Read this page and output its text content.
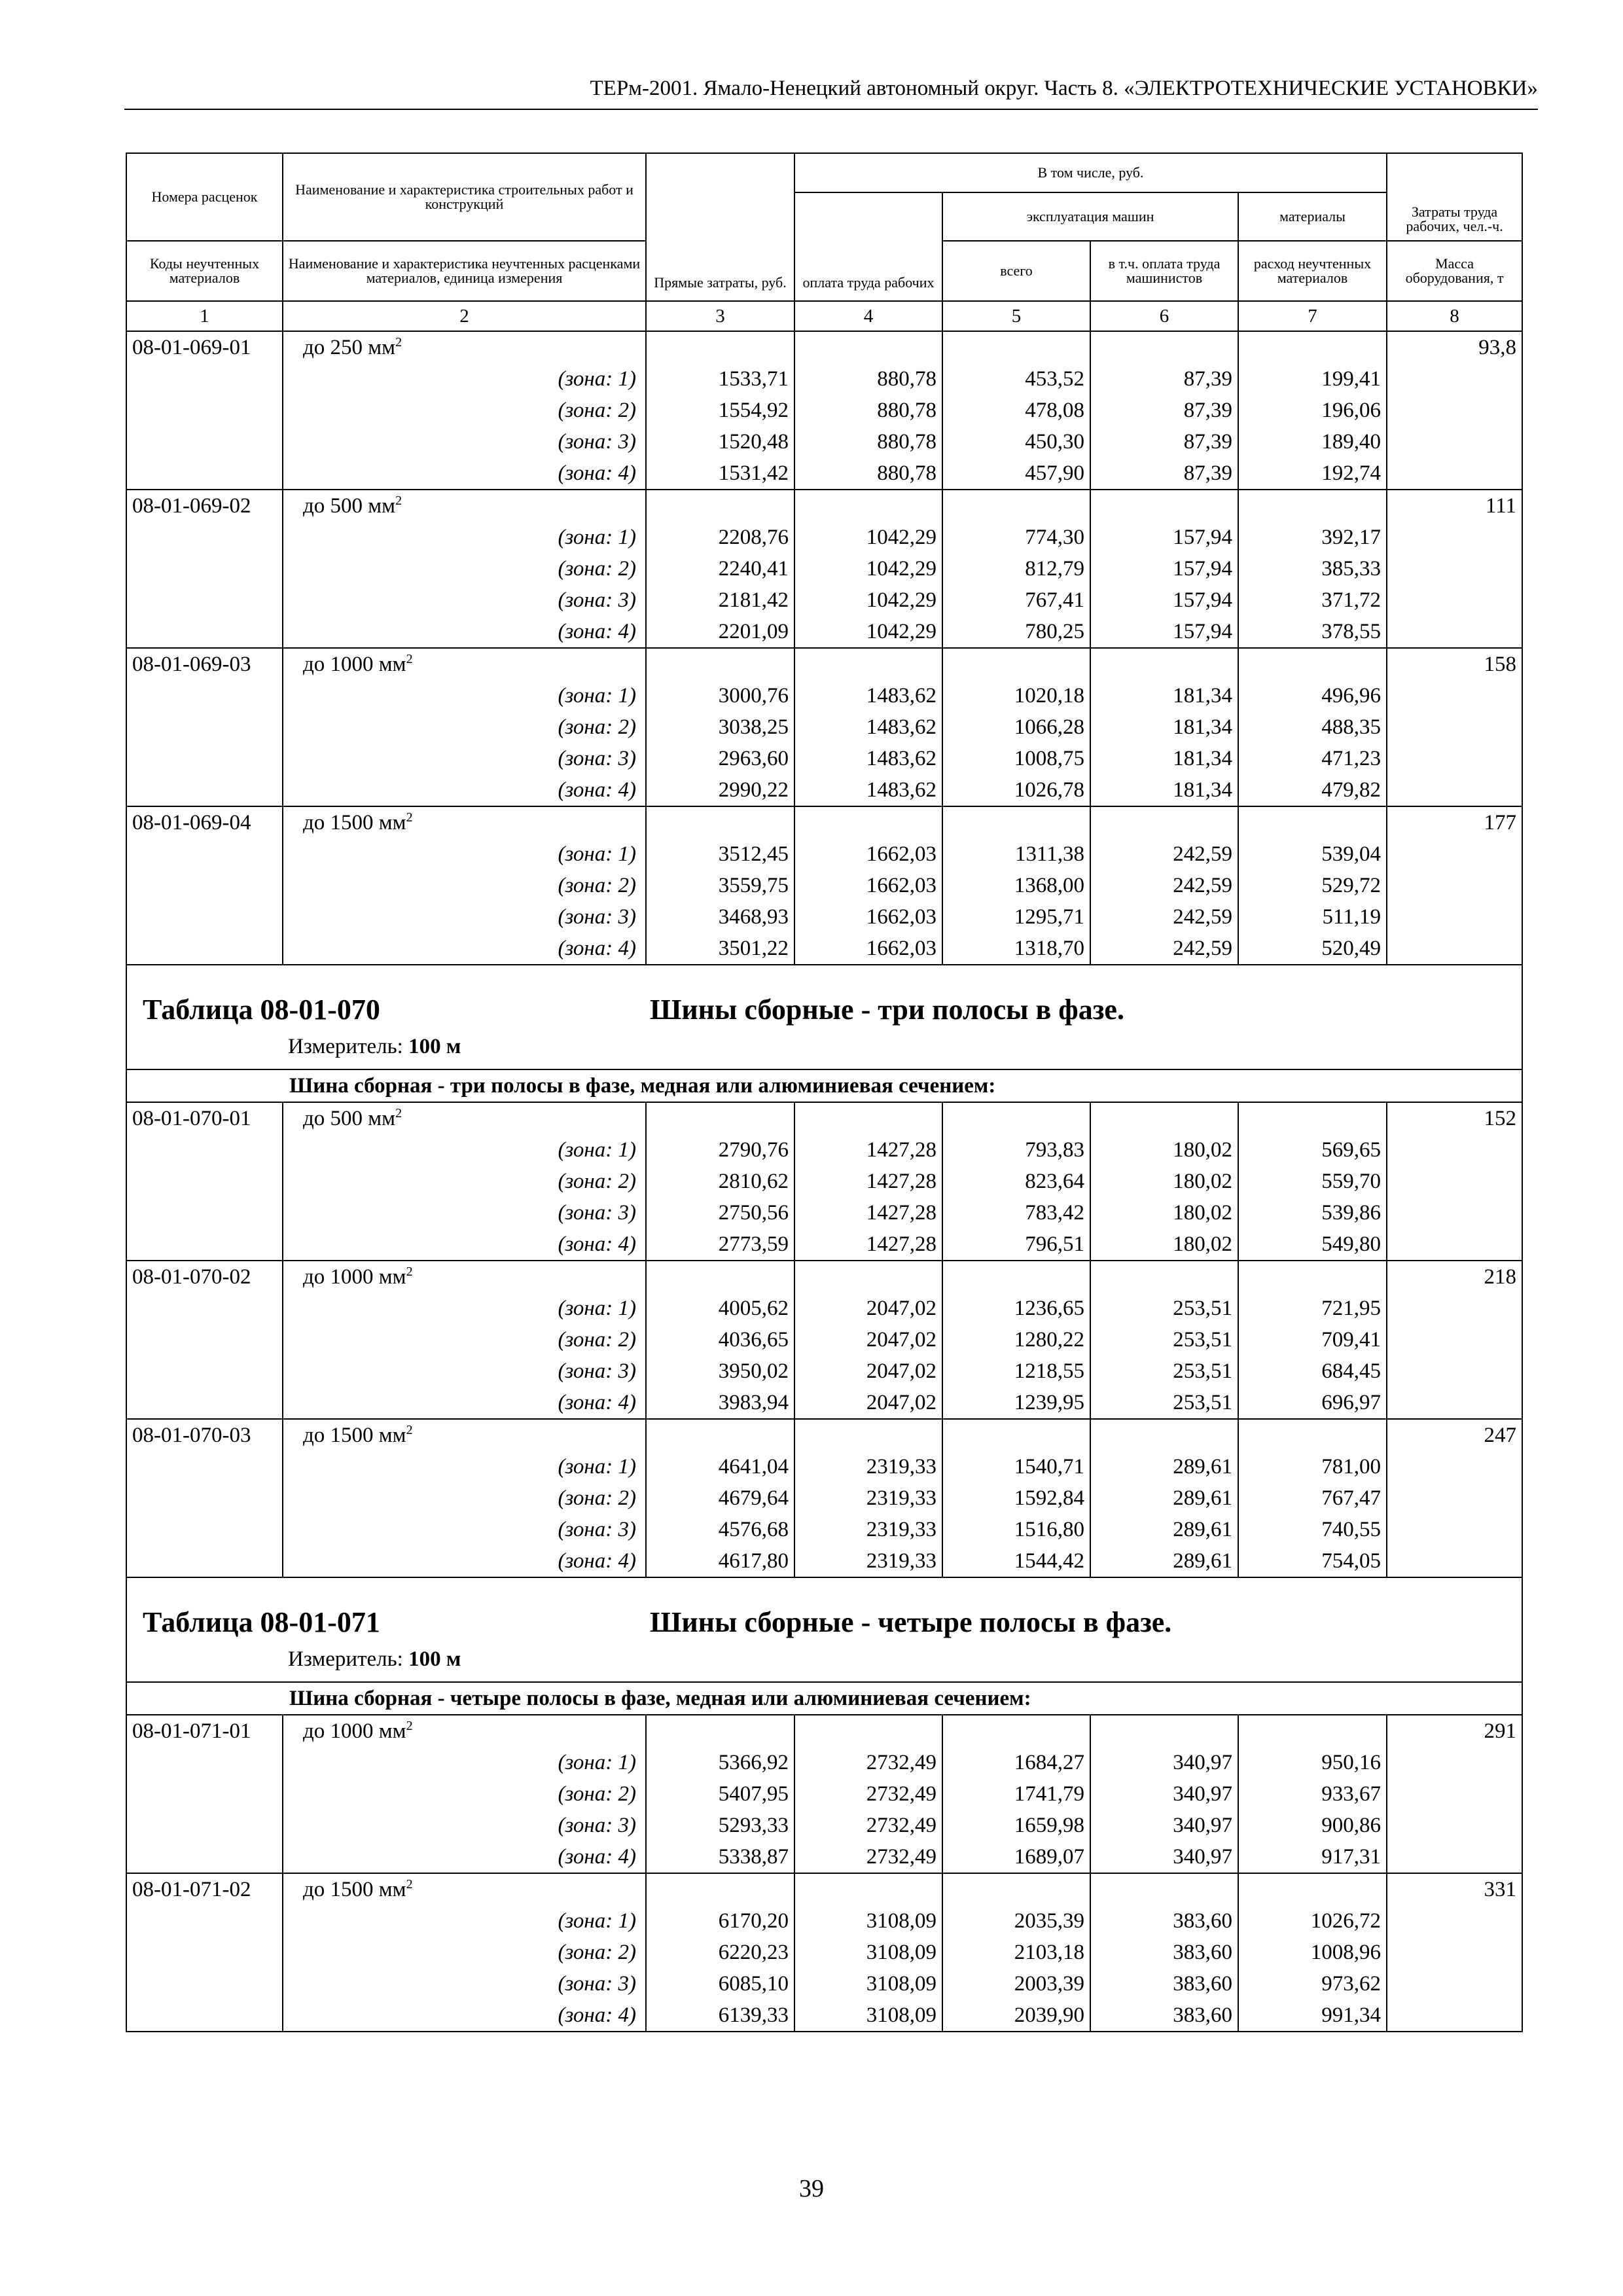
ТЕРм-2001. Ямало-Ненецкий автономный округ. Часть 8. «ЭЛЕКТРОТЕХНИЧЕСКИЕ УСТАНОВКИ»
Номера расценок	Наименование и характеристика строительных работ и конструкций	Прямые затраты, руб.	В том числе, руб.				Затраты труда рабочих, чел.-ч.
			оплата труда рабочих	эксплуатация машин		материалы	
Коды неучтенных материалов	Наименование и характеристика неучтенных расценками материалов, единица измерения			всего	в т.ч. оплата труда машинистов	расход неучтенных материалов	Масса оборудования, т
1	2	3	4	5	6	7	8
08-01-069-01	до 250 $мм^2$						93,8
	(зона: 1)	1533,71	880,78	453,52	87,39	199,41	
	(зона: 2)	1554,92	880,78	478,08	87,39	196,06	
	(зона: 3)	1520,48	880,78	450,30	87,39	189,40	
	(зона: 4)	1531,42	880,78	457,90	87,39	192,74	
08-01-069-02	до 500 $мм^2$						111
	(зона: 1)	2208,76	1042,29	774,30	157,94	392,17	
	(зона: 2)	2240,41	1042,29	812,79	157,94	385,33	
	(зона: 3)	2181,42	1042,29	767,41	157,94	371,72	
	(зона: 4)	2201,09	1042,29	780,25	157,94	378,55	
08-01-069-03	до 1000 $мм^2$						158
	(зона: 1)	3000,76	1483,62	1020,18	181,34	496,96	
	(зона: 2)	3038,25	1483,62	1066,28	181,34	488,35	
	(зона: 3)	2963,60	1483,62	1008,75	181,34	471,23	
	(зона: 4)	2990,22	1483,62	1026,78	181,34	479,82	
08-01-069-04	до 1500 $мм^2$						177
	(зона: 1)	3512,45	1662,03	1311,38	242,59	539,04	
	(зона: 2)	3559,75	1662,03	1368,00	242,59	529,72	
	(зона: 3)	3468,93	1662,03	1295,71	242,59	511,19	
	(зона: 4)	3501,22	1662,03	1318,70	242,59	520,49	

Таблица 08-01-070 Шины сборные - три полосы в фазе.
Измеритель: 100 м							

Шина сборная - три полосы в фазе, медная или алюминиевая сечением:							
08-01-070-01	до 500 $мм^2$						152
	(зона: 1)	2790,76	1427,28	793,83	180,02	569,65	
	(зона: 2)	2810,62	1427,28	823,64	180,02	559,70	
	(зона: 3)	2750,56	1427,28	783,42	180,02	539,86	
	(зона: 4)	2773,59	1427,28	796,51	180,02	549,80	
08-01-070-02	до 1000 $мм^2$						218
	(зона: 1)	4005,62	2047,02	1236,65	253,51	721,95	
	(зона: 2)	4036,65	2047,02	1280,22	253,51	709,41	
	(зона: 3)	3950,02	2047,02	1218,55	253,51	684,45	
	(зона: 4)	3983,94	2047,02	1239,95	253,51	696,97	
08-01-070-03	до 1500 $мм^2$						247
	(зона: 1)	4641,04	2319,33	1540,71	289,61	781,00	
	(зона: 2)	4679,64	2319,33	1592,84	289,61	767,47	
	(зона: 3)	4576,68	2319,33	1516,80	289,61	740,55	
	(зона: 4)	4617,80	2319,33	1544,42	289,61	754,05	

Таблица 08-01-071 Шины сборные - четыре полосы в фазе.
Измеритель: 100 м							

Шина сборная - четыре полосы в фазе, медная или алюминиевая сечением:							
08-01-071-01	до 1000 $мм^2$						291
	(зона: 1)	5366,92	2732,49	1684,27	340,97	950,16	
	(зона: 2)	5407,95	2732,49	1741,79	340,97	933,67	
	(зона: 3)	5293,33	2732,49	1659,98	340,97	900,86	
	(зона: 4)	5338,87	2732,49	1689,07	340,97	917,31	
08-01-071-02	до 1500 $мм^2$						331
	(зона: 1)	6170,20	3108,09	2035,39	383,60	1026,72	
	(зона: 2)	6220,23	3108,09	2103,18	383,60	1008,96	
	(зона: 3)	6085,10	3108,09	2003,39	383,60	973,62	
	(зона: 4)	6139,33	3108,09	2039,90	383,60	991,34	
39
